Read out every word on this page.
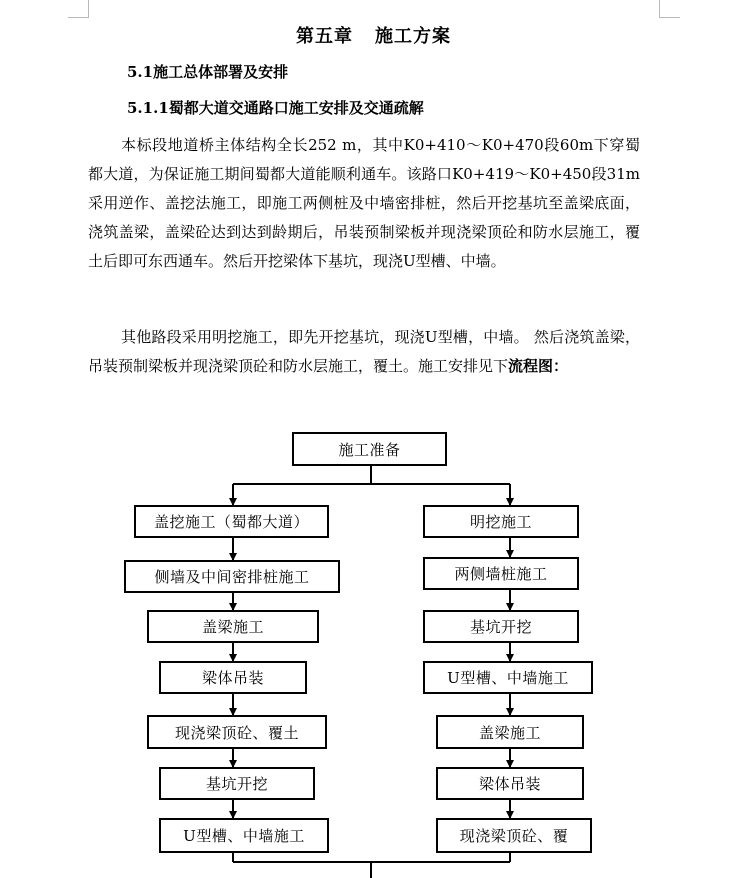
第五章 施工方案
5.1施工总体部署及安排
5.1.1蜀都大道交通路口施工安排及交通疏解

本标段地道桥主体结构全长252 m，其中K0+410～K0+470段60m下穿蜀都大道，为保证施工期间蜀都大道能顺利通车。该路口K0+419～K0+450段31m采用逆作、盖挖法施工，即施工两侧桩及中墙密排桩，然后开挖基坑至盖梁底面，浇筑盖梁，盖梁砼达到达到龄期后，吊装预制梁板并现浇梁顶砼和防水层施工，覆土后即可东西通车。然后开挖梁体下基坑，现浇U型槽、中墙。

其他路段采用明挖施工，即先开挖基坑，现浇U型槽，中墙。 然后浇筑盖梁，吊装预制梁板并现浇梁顶砼和防水层施工，覆土。施工安排见下流程图：

施工准备
盖挖施工（蜀都大道）
侧墙及中间密排桩施工
盖梁施工
梁体吊装
现浇梁顶砼、覆土
基坑开挖
U型槽、中墙施工
明挖施工
两侧墙桩施工
基坑开挖
U型槽、中墙施工
盖梁施工
梁体吊装
现浇梁顶砼、覆
